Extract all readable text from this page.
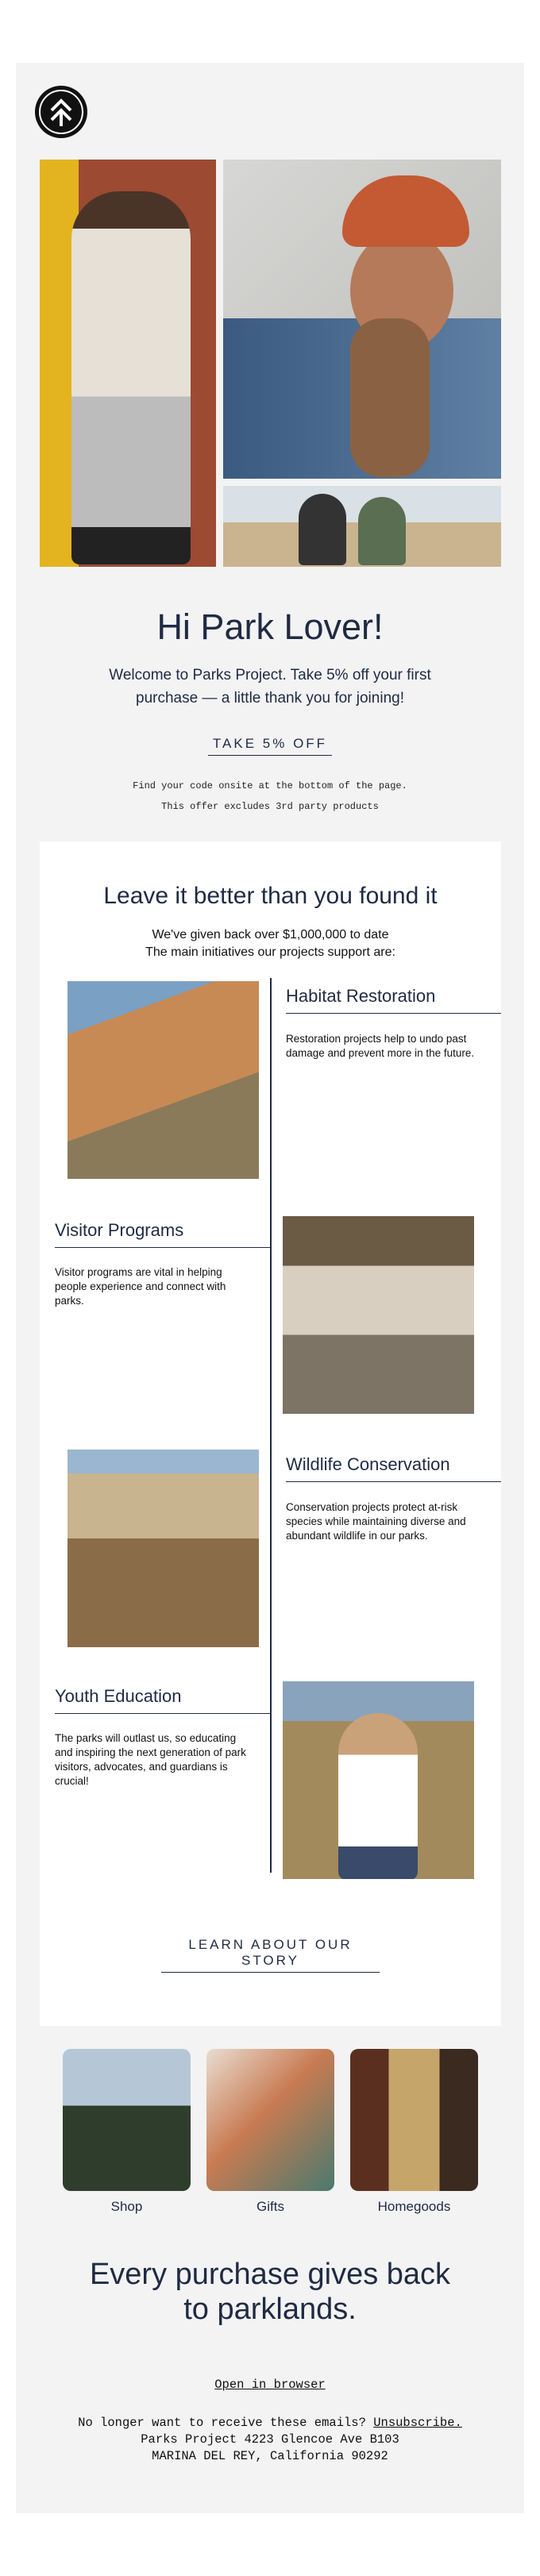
Hi Park Lover!

Welcome to Parks Project. Take 5% off your first purchase — a little thank you for joining!

TAKE 5% OFF

Find your code onsite at the bottom of the page.

This offer excludes 3rd party products

Leave it better than you found it
We've given back over $1,000,000 to date
The main initiatives our projects support are:
Habitat Restoration
Restoration projects help to undo past damage and prevent more in the future.
Visitor Programs
Visitor programs are vital in helping people experience and connect with parks.
Wildlife Conservation
Conservation projects protect at-risk species while maintaining diverse and abundant wildlife in our parks.
Youth Education
The parks will outlast us, so educating and inspiring the next generation of park visitors, advocates, and guardians is crucial!
LEARN ABOUT OUR STORY
Shop	Gifts	Homegoods
Every purchase gives back to parklands.
Open in browser

No longer want to receive these emails? Unsubscribe.

Parks Project 4223 Glencoe Ave B103

MARINA DEL REY, California 90292
